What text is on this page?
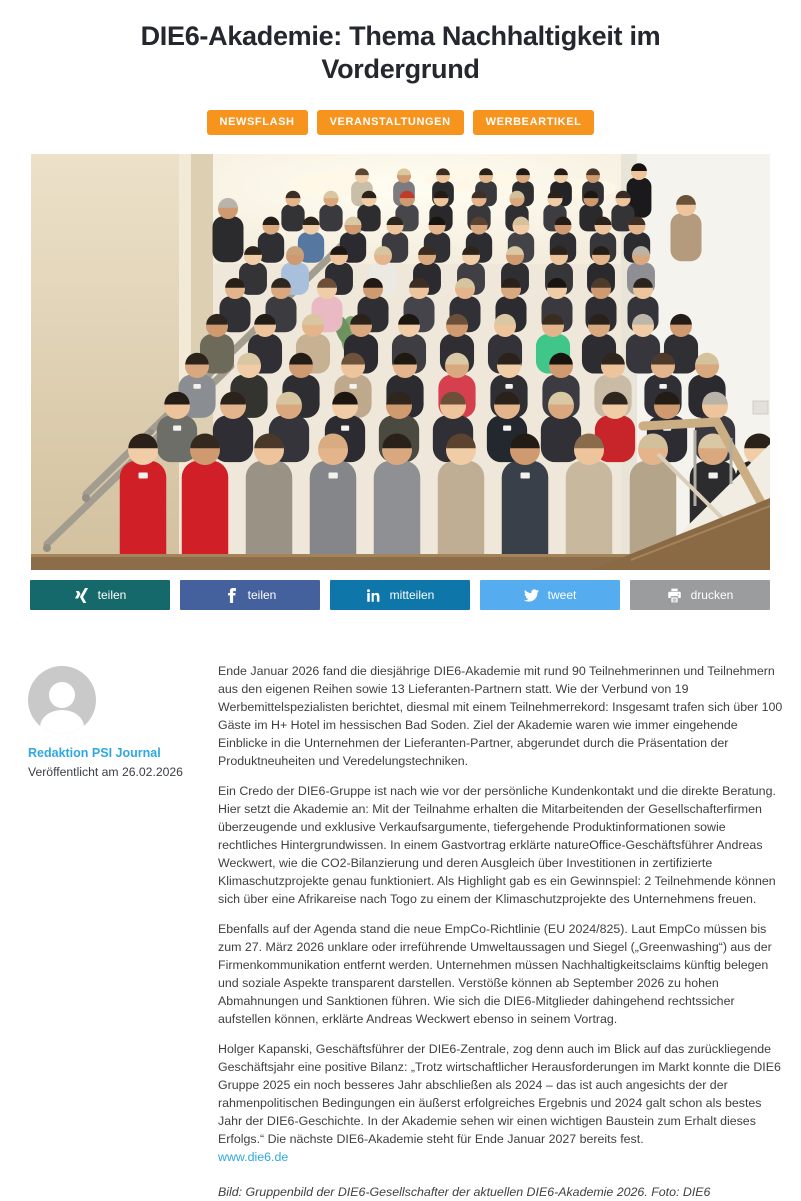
DIE6-Akademie: Thema Nachhaltigkeit im Vordergrund
NEWSFLASH	VERANSTALTUNGEN	WERBEARTIKEL
teilen	teilen	mitteilen	tweet	drucken
Redaktion PSI Journal
Veröffentlicht am 26.02.2026

Ende Januar 2026 fand die diesjährige DIE6-Akademie mit rund 90 Teilnehmerinnen und Teilnehmern aus den eigenen Reihen sowie 13 Lieferanten-Partnern statt. Wie der Verbund von 19 Werbemittelspezialisten berichtet, diesmal mit einem Teilnehmerrekord: Insgesamt trafen sich über 100 Gäste im H+ Hotel im hessischen Bad Soden. Ziel der Akademie waren wie immer eingehende Einblicke in die Unternehmen der Lieferanten-Partner, abgerundet durch die Präsentation der Produktneuheiten und Veredelungstechniken.

Ein Credo der DIE6-Gruppe ist nach wie vor der persönliche Kundenkontakt und die direkte Beratung. Hier setzt die Akademie an: Mit der Teilnahme erhalten die Mitarbeitenden der Gesellschafterfirmen überzeugende und exklusive Verkaufsargumente, tiefergehende Produktinformationen sowie rechtliches Hintergrundwissen. In einem Gastvortrag erklärte natureOffice-Geschäftsführer Andreas Weckwert, wie die CO2-Bilanzierung und deren Ausgleich über Investitionen in zertifizierte Klimaschutzprojekte genau funktioniert. Als Highlight gab es ein Gewinnspiel: 2 Teilnehmende können sich über eine Afrikareise nach Togo zu einem der Klimaschutzprojekte des Unternehmens freuen.

Ebenfalls auf der Agenda stand die neue EmpCo-Richtlinie (EU 2024/825). Laut EmpCo müssen bis zum 27. März 2026 unklare oder irreführende Umweltaussagen und Siegel („Greenwashing“) aus der Firmenkommunikation entfernt werden. Unternehmen müssen Nachhaltigkeitsclaims künftig belegen und soziale Aspekte transparent darstellen. Verstöße können ab September 2026 zu hohen Abmahnungen und Sanktionen führen. Wie sich die DIE6-Mitglieder dahingehend rechtssicher aufstellen können, erklärte Andreas Weckwert ebenso in seinem Vortrag.

Holger Kapanski, Geschäftsführer der DIE6-Zentrale, zog denn auch im Blick auf das zurückliegende Geschäftsjahr eine positive Bilanz: „Trotz wirtschaftlicher Herausforderungen im Markt konnte die DIE6 Gruppe 2025 ein noch besseres Jahr abschließen als 2024 – das ist auch angesichts der der rahmenpolitischen Bedingungen ein äußerst erfolgreiches Ergebnis und 2024 galt schon als bestes Jahr der DIE6-Geschichte. In der Akademie sehen wir einen wichtigen Baustein zum Erhalt dieses Erfolgs.“ Die nächste DIE6-Akademie steht für Ende Januar 2027 bereits fest.

www.die6.de
Bild: Gruppenbild der DIE6-Gesellschafter der aktuellen DIE6-Akademie 2026. Foto: DIE6
